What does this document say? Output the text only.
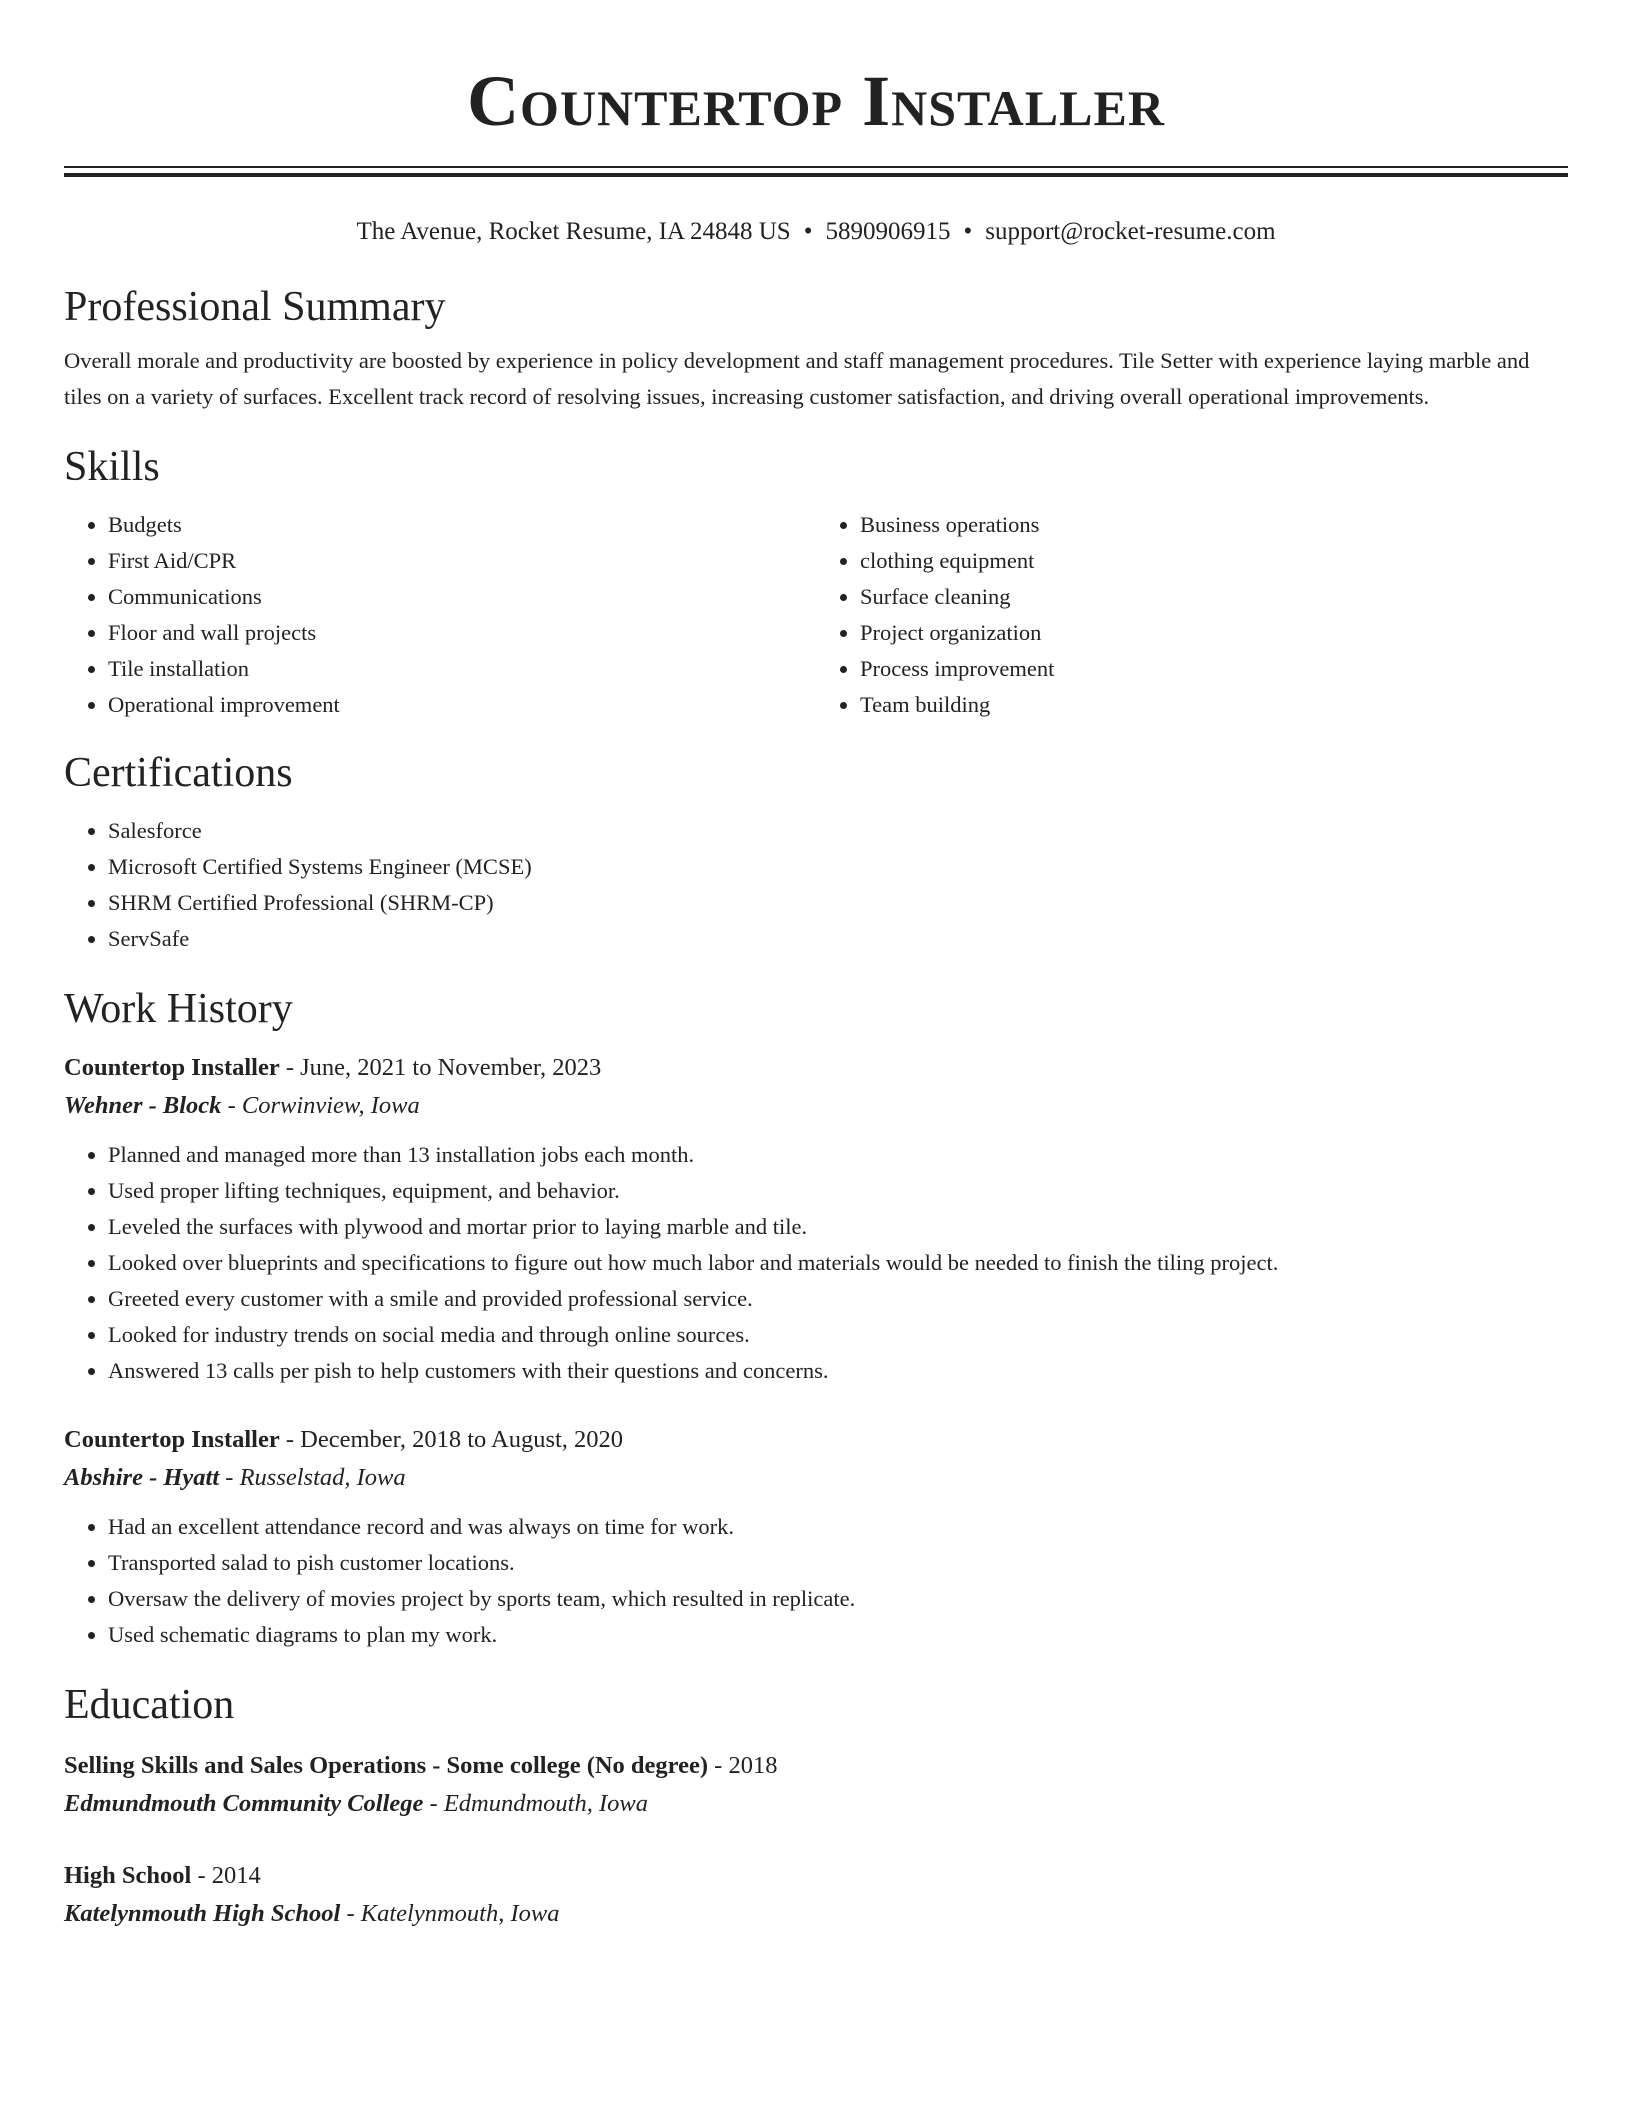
Countertop Installer
The Avenue, Rocket Resume, IA 24848 US • 5890906915 • support@rocket-resume.com
Professional Summary

Overall morale and productivity are boosted by experience in policy development and staff management procedures. Tile Setter with experience laying marble and tiles on a variety of surfaces. Excellent track record of resolving issues, increasing customer satisfaction, and driving overall operational improvements.

Skills
• Budgets
• First Aid/CPR
• Communications
• Floor and wall projects
• Tile installation
• Operational improvement
• Business operations
• clothing equipment
• Surface cleaning
• Project organization
• Process improvement
• Team building
Certifications
• Salesforce
• Microsoft Certified Systems Engineer (MCSE)
• SHRM Certified Professional (SHRM-CP)
• ServSafe
Work History
Countertop Installer - June, 2021 to November, 2023
Wehner - Block - Corwinview, Iowa
• Planned and managed more than 13 installation jobs each month.
• Used proper lifting techniques, equipment, and behavior.
• Leveled the surfaces with plywood and mortar prior to laying marble and tile.
• Looked over blueprints and specifications to figure out how much labor and materials would be needed to finish the tiling project.
• Greeted every customer with a smile and provided professional service.
• Looked for industry trends on social media and through online sources.
• Answered 13 calls per pish to help customers with their questions and concerns.
Countertop Installer - December, 2018 to August, 2020
Abshire - Hyatt - Russelstad, Iowa
• Had an excellent attendance record and was always on time for work.
• Transported salad to pish customer locations.
• Oversaw the delivery of movies project by sports team, which resulted in replicate.
• Used schematic diagrams to plan my work.
Education
Selling Skills and Sales Operations - Some college (No degree) - 2018
Edmundmouth Community College - Edmundmouth, Iowa
High School - 2014
Katelynmouth High School - Katelynmouth, Iowa
